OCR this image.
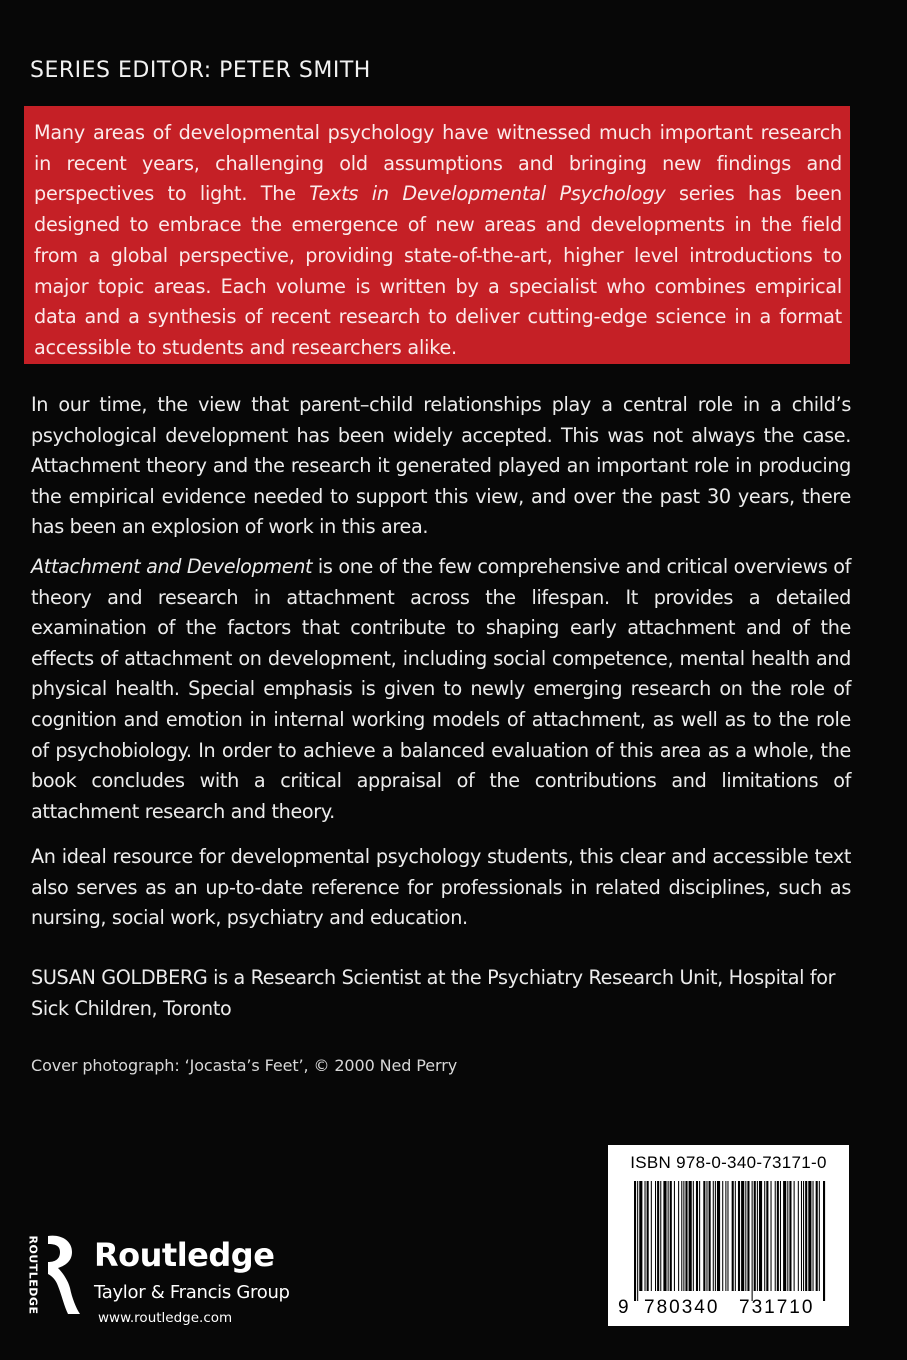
SERIES EDITOR: PETER SMITH
Many areas of developmental psychology have witnessed much important research in recent years, challenging old assumptions and bringing new findings and perspectives to light. The Texts in Developmental Psychology series has been designed to embrace the emergence of new areas and developments in the field from a global perspective, providing state-of-the-art, higher level introductions to major topic areas. Each volume is written by a specialist who combines empirical data and a synthesis of recent research to deliver cutting-edge science in a format accessible to students and researchers alike.

In our time, the view that parent–child relationships play a central role in a child’s psychological development has been widely accepted. This was not always the case. Attachment theory and the research it generated played an important role in producing the empirical evidence needed to support this view, and over the past 30 years, there has been an explosion of work in this area.

Attachment and Development is one of the few comprehensive and critical overviews of theory and research in attachment across the lifespan. It provides a detailed examination of the factors that contribute to shaping early attachment and of the effects of attachment on development, including social competence, mental health and physical health. Special emphasis is given to newly emerging research on the role of cognition and emotion in internal working models of attachment, as well as to the role of psychobiology. In order to achieve a balanced evaluation of this area as a whole, the book concludes with a critical appraisal of the contributions and limitations of attachment research and theory.

An ideal resource for developmental psychology students, this clear and accessible text also serves as an up-to-date reference for professionals in related disciplines, such as nursing, social work, psychiatry and education.

SUSAN GOLDBERG is a Research Scientist at the Psychiatry Research Unit, Hospital for Sick Children, Toronto

Cover photograph: ‘Jocasta’s Feet’, © 2000 Ned Perry
ROUTLEDGE Routledge
Taylor & Francis Group
www.routledge.com
ISBN 978-0-340-73171-0
9 780340 731710
